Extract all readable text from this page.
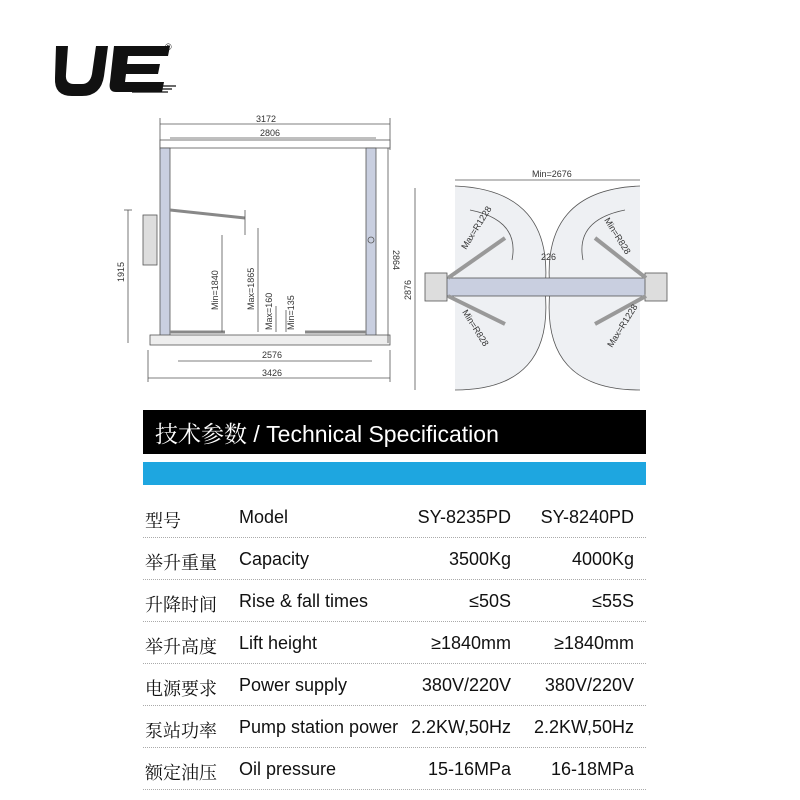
®
3172
2806
2864
1915	Min=1840	Max=1865
Max=160 Min=135
2576
3426
Min=2676
2876
226
Max=R1228
Min=R828
Min=R828
Max=R1228
技术参数 / Technical Specification
型号	Model	SY-8235PD SY-8240PD
举升重量 Capacity	3500Kg	4000Kg
升降时间 Rise & fall times	≤50S	≤55S
举升高度 Lift height	≥1840mm ≥1840mm
电源要求 Power supply	380V/220V 380V/220V
泵站功率 Pump station power 2.2KW,50Hz 2.2KW,50Hz
额定油压 Oil pressure	15-16MPa 16-18MPa
